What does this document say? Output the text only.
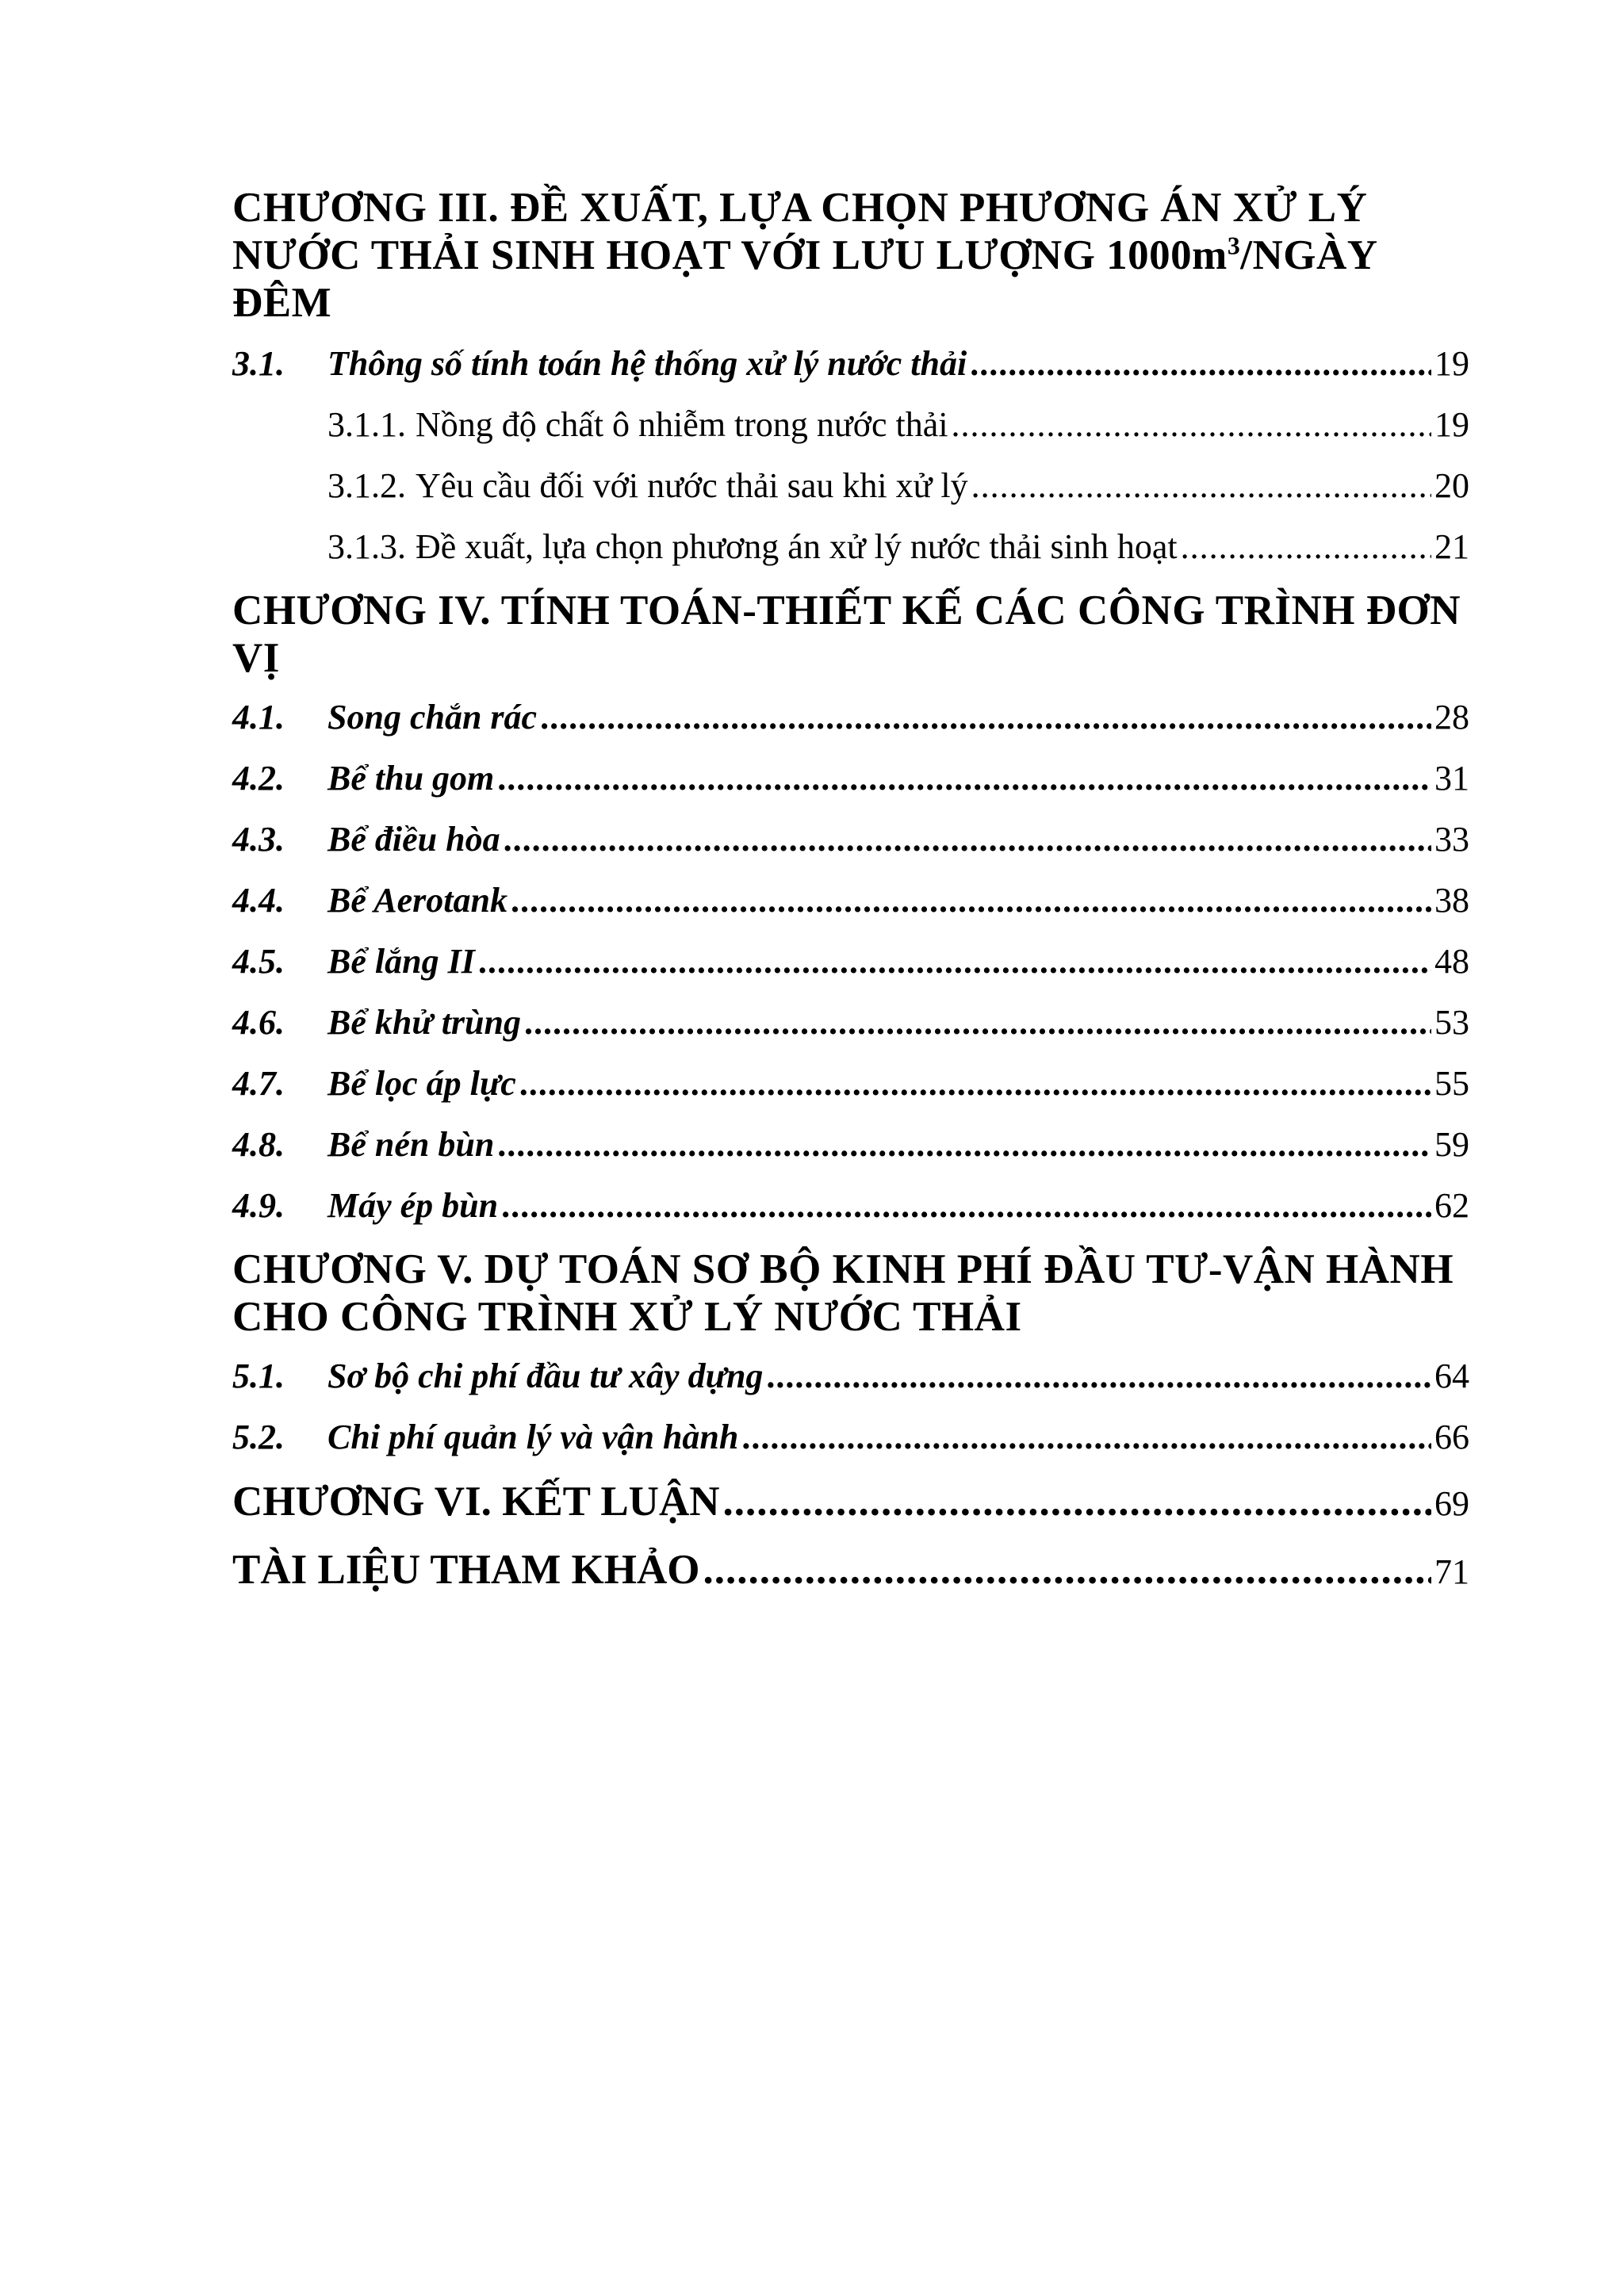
CHƯƠNG III. ĐỀ XUẤT, LỰA CHỌN PHƯƠNG ÁN XỬ LÝ NƯỚC THẢI SINH HOẠT VỚI LƯU LƯỢNG $1000m^3$/NGÀY ĐÊM
3.1.	Thông số tính toán hệ thống xử lý nước thải .....	19
3.1.1. Nồng độ chất ô nhiễm trong nước thải .....	19
3.1.2. Yêu cầu đối với nước thải sau khi xử lý .....	20
3.1.3. Đề xuất, lựa chọn phương án xử lý nước thải sinh hoạt .....	21
CHƯƠNG IV. TÍNH TOÁN-THIẾT KẾ CÁC CÔNG TRÌNH ĐƠN VỊ
4.1.	Song chắn rác .....	28
4.2.	Bể thu gom .....	31
4.3.	Bể điều hòa .....	33
4.4.	Bể Aerotank .....	38
4.5.	Bể lắng II .....	48
4.6.	Bể khử trùng .....	53
4.7.	Bể lọc áp lực .....	55
4.8.	Bể nén bùn .....	59
4.9.	Máy ép bùn .....	62
CHƯƠNG V. DỰ TOÁN SƠ BỘ KINH PHÍ ĐẦU TƯ-VẬN HÀNH CHO CÔNG TRÌNH XỬ LÝ NƯỚC THẢI
5.1.	Sơ bộ chi phí đầu tư xây dựng .....	64
5.2.	Chi phí quản lý và vận hành .....	66
CHƯƠNG VI. KẾT LUẬN .....	69
TÀI LIỆU THAM KHẢO .....	71
